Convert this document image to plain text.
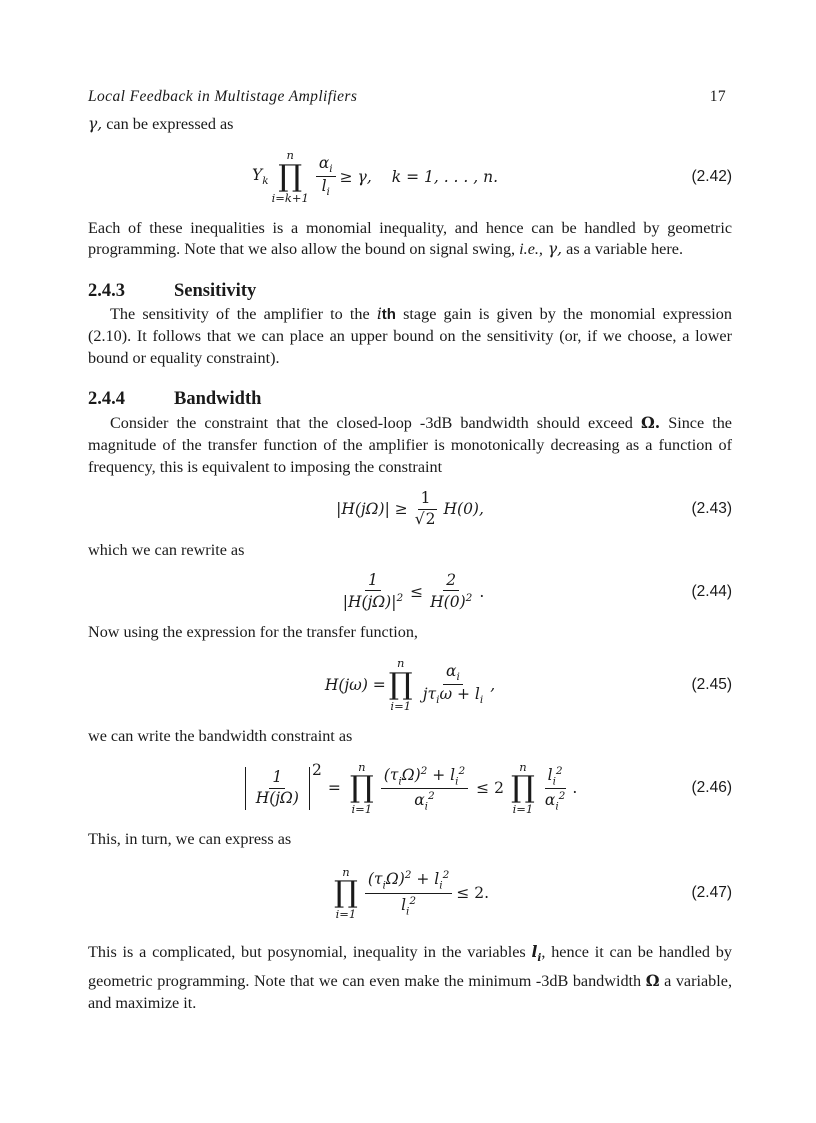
Local Feedback in Multistage Amplifiers	17

γ, can be expressed as

$Y_k$
n
∏
$i=k+1 \frac{\alpha_i}{l_i} \ge \gamma$, k = 1, . . . , n.	(2.42)

Each of these inequalities is a monomial inequality, and hence can be handled by geometric programming. Note that we also allow the bound on signal swing, i.e., γ, as a variable here.

2.4.3	Sensitivity

The sensitivity of the amplifier to the ith stage gain is given by the monomial expression (2.10). It follows that we can place an upper bound on the sensitivity (or, if we choose, a lower bound or equality constraint).

2.4.4	Bandwidth

Consider the constraint that the closed-loop -3dB bandwidth should exceed Ω. Since the magnitude of the transfer function of the amplifier is monotonically decreasing as a function of frequency, this is equivalent to imposing the constraint

$|H(j\Omega)| \ge \frac{1}{√2} H(0)$,	(2.43)

which we can rewrite as

$\frac{1}{|H(j\Omega)|^2} \le \frac{2}{H(0)^2}$ .	(2.44)

Now using the expression for the transfer function,

H(jω) =
n
∏
$i=1 \frac{\alpha_i}{j\tau_i\omega + l_i}$ ,	(2.45)

we can write the bandwidth constraint as

$\frac{1}{H(j\Omega)} 2$
=
n
∏
$i=1 \frac{(\tau_i\Omega)^2 + l_i^2}{\alpha_i^2} \le 2$
n
∏
$i=1 \frac{l_i^2}{\alpha_i^2}$ .	(2.46)

This, in turn, we can express as

n
∏
$i=1 \frac{(\tau_i\Omega)^2 + l_i^2}{l_i^2} \le 2$.	(2.47)

This is a complicated, but posynomial, inequality in the variables $l_i$, hence it can be handled by geometric programming. Note that we can even make the minimum -3dB bandwidth Ω a variable, and maximize it.
